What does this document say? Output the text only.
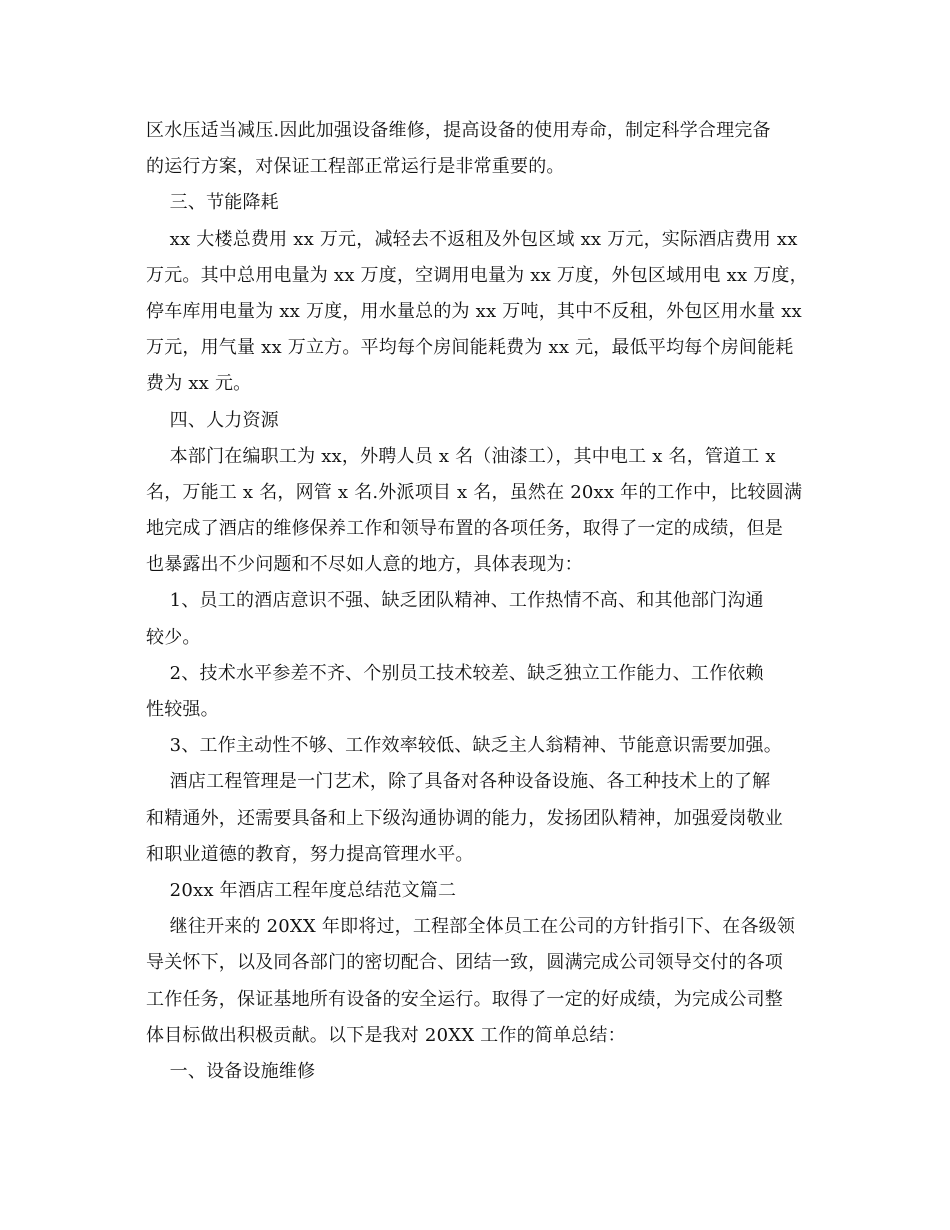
区水压适当减压.因此加强设备维修，提高设备的使用寿命，制定科学合理完备
的运行方案，对保证工程部正常运行是非常重要的。
三、节能降耗
xx 大楼总费用 xx 万元，减轻去不返租及外包区域 xx 万元，实际酒店费用 xx
万元。其中总用电量为 xx 万度，空调用电量为 xx 万度，外包区域用电 xx 万度，
停车库用电量为 xx 万度，用水量总的为 xx 万吨，其中不反租，外包区用水量 xx
万元，用气量 xx 万立方。平均每个房间能耗费为 xx 元，最低平均每个房间能耗
费为 xx 元。
四、人力资源
本部门在编职工为 xx，外聘人员 x 名（油漆工），其中电工 x 名，管道工 x
名，万能工 x 名，网管 x 名.外派项目 x 名，虽然在 20xx 年的工作中，比较圆满
地完成了酒店的维修保养工作和领导布置的各项任务，取得了一定的成绩，但是
也暴露出不少问题和不尽如人意的地方，具体表现为：
1、员工的酒店意识不强、缺乏团队精神、工作热情不高、和其他部门沟通
较少。
2、技术水平参差不齐、个别员工技术较差、缺乏独立工作能力、工作依赖
性较强。
3、工作主动性不够、工作效率较低、缺乏主人翁精神、节能意识需要加强。
酒店工程管理是一门艺术，除了具备对各种设备设施、各工种技术上的了解
和精通外，还需要具备和上下级沟通协调的能力，发扬团队精神，加强爱岗敬业
和职业道德的教育，努力提高管理水平。
20xx 年酒店工程年度总结范文篇二
继往开来的 20XX 年即将过，工程部全体员工在公司的方针指引下、在各级领
导关怀下，以及同各部门的密切配合、团结一致，圆满完成公司领导交付的各项
工作任务，保证基地所有设备的安全运行。取得了一定的好成绩，为完成公司整
体目标做出积极贡献。以下是我对 20XX 工作的简单总结：
一、设备设施维修
